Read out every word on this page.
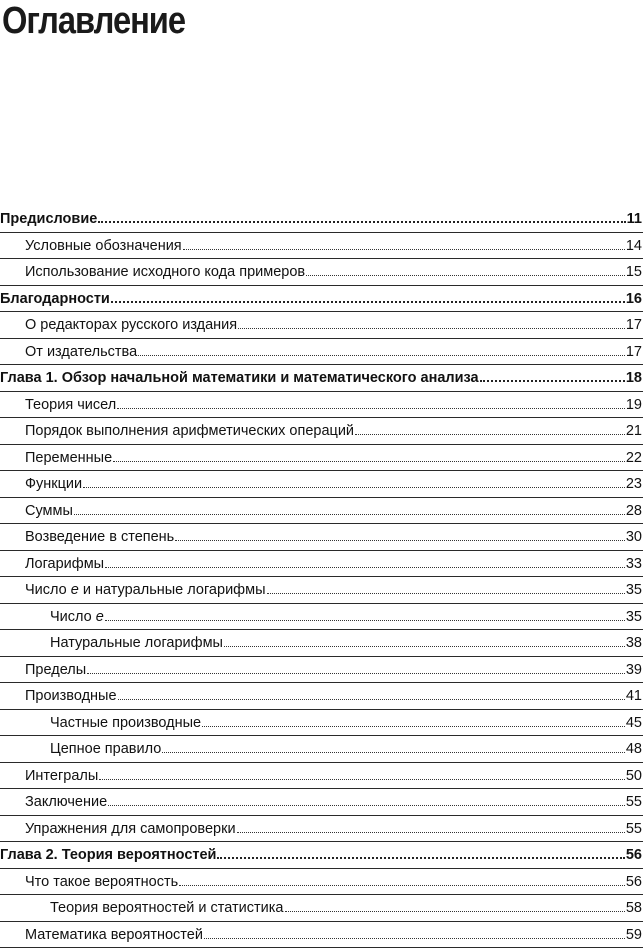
Оглавление
Предисловие	11
Условные обозначения	14
Использование исходного кода примеров	15
Благодарности	16
О редакторах русского издания	17
От издательства	17
Глава 1. Обзор начальной математики и математического анализа	18
Теория чисел	19
Порядок выполнения арифметических операций	21
Переменные	22
Функции	23
Суммы	28
Возведение в степень	30
Логарифмы	33
Число e и натуральные логарифмы	35
Число e	35
Натуральные логарифмы	38
Пределы	39
Производные	41
Частные производные	45
Цепное правило	48
Интегралы	50
Заключение	55
Упражнения для самопроверки	55
Глава 2. Теория вероятностей	56
Что такое вероятность	56
Теория вероятностей и статистика	58
Математика вероятностей	59
